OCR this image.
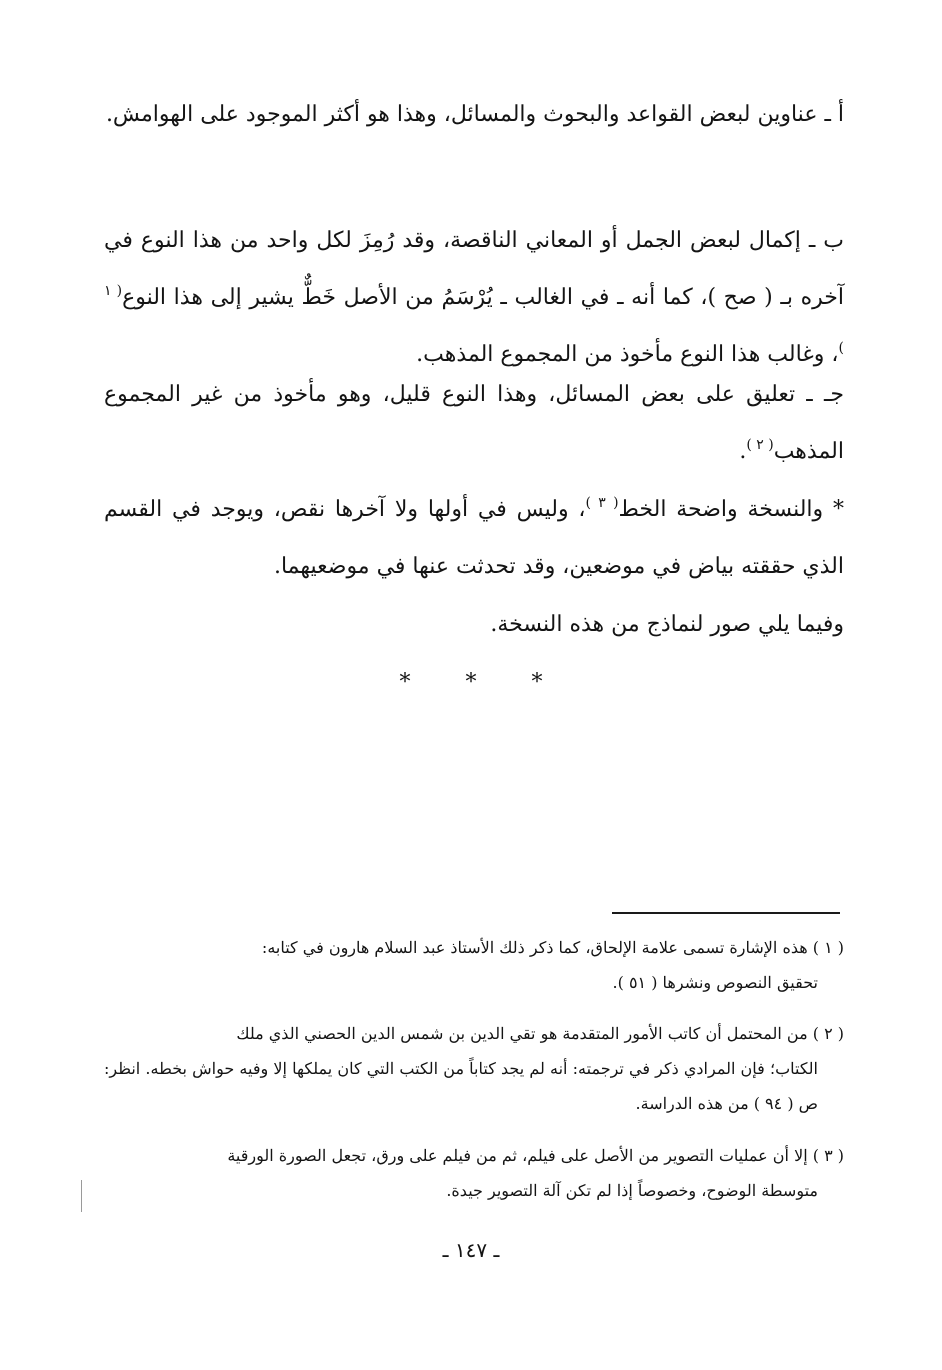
أ ـ عناوين لبعض القواعد والبحوث والمسائل، وهذا هو أكثر الموجود على الهوامش.

ب ـ إكمال لبعض الجمل أو المعاني الناقصة، وقد رُمِزَ لكل واحد من هذا النوع في آخره بـ ( صح )، كما أنه ـ في الغالب ـ يُرْسَمُ من الأصل خَطٌّ يشير إلى هذا النوع$^{( ١ )}$، وغالب هذا النوع مأخوذ من المجموع المذهب.

جـ ـ تعليق على بعض المسائل، وهذا النوع قليل، وهو مأخوذ من غير المجموع المذهب$^{( ٢ )}$.

* والنسخة واضحة الخط$^{( ٣ )}$، وليس في أولها ولا آخرها نقص، ويوجد في القسم الذي حققته بياض في موضعين، وقد تحدثت عنها في موضعيهما.

وفيما يلي صور لنماذج من هذه النسخة.

*	*	*
( ١ ) هذه الإشارة تسمى علامة الإلحاق، كما ذكر ذلك الأستاذ عبد السلام هارون في كتابه:
تحقيق النصوص ونشرها ( ٥١ ).
( ٢ ) من المحتمل أن كاتب الأمور المتقدمة هو تقي الدين بن شمس الدين الحصني الذي ملك
الكتاب؛ فإن المرادي ذكر في ترجمته: أنه لم يجد كتاباً من الكتب التي كان يملكها إلا وفيه حواش بخطه. انظر: ص ( ٩٤ ) من هذه الدراسة.
( ٣ ) إلا أن عمليات التصوير من الأصل على فيلم، ثم من فيلم على ورق، تجعل الصورة الورقية
متوسطة الوضوح، وخصوصاً إذا لم تكن آلة التصوير جيدة.
ـ ١٤٧ ـ
